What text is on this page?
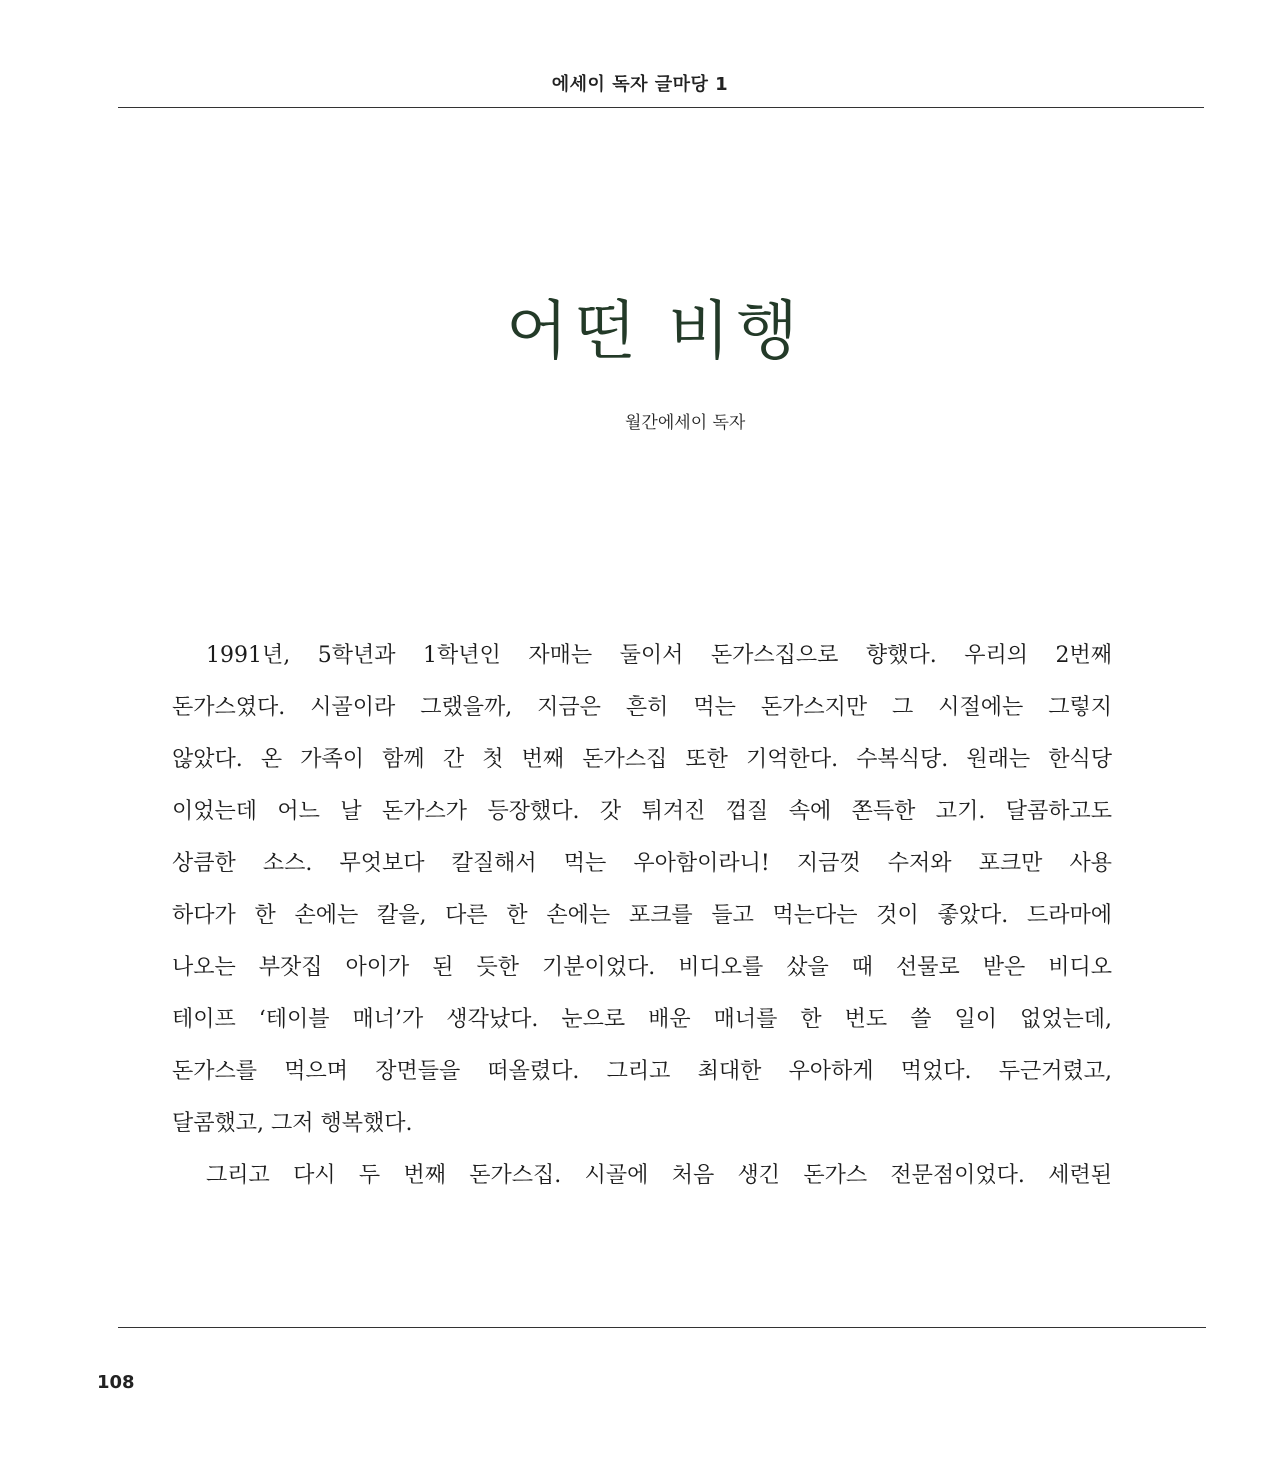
에세이 독자 글마당 1
어떤 비행
월간에세이 독자
1991년, 5학년과 1학년인 자매는 둘이서 돈가스집으로 향했다. 우리의 2번째
돈가스였다. 시골이라 그랬을까, 지금은 흔히 먹는 돈가스지만 그 시절에는 그렇지
않았다. 온 가족이 함께 간 첫 번째 돈가스집 또한 기억한다. 수복식당. 원래는 한식당
이었는데 어느 날 돈가스가 등장했다. 갓 튀겨진 껍질 속에 쫀득한 고기. 달콤하고도
상큼한 소스. 무엇보다 칼질해서 먹는 우아함이라니! 지금껏 수저와 포크만 사용
하다가 한 손에는 칼을, 다른 한 손에는 포크를 들고 먹는다는 것이 좋았다. 드라마에
나오는 부잣집 아이가 된 듯한 기분이었다. 비디오를 샀을 때 선물로 받은 비디오
테이프 ‘테이블 매너’가 생각났다. 눈으로 배운 매너를 한 번도 쓸 일이 없었는데,
돈가스를 먹으며 장면들을 떠올렸다. 그리고 최대한 우아하게 먹었다. 두근거렸고,
달콤했고, 그저 행복했다.
그리고 다시 두 번째 돈가스집. 시골에 처음 생긴 돈가스 전문점이었다. 세련된
108
